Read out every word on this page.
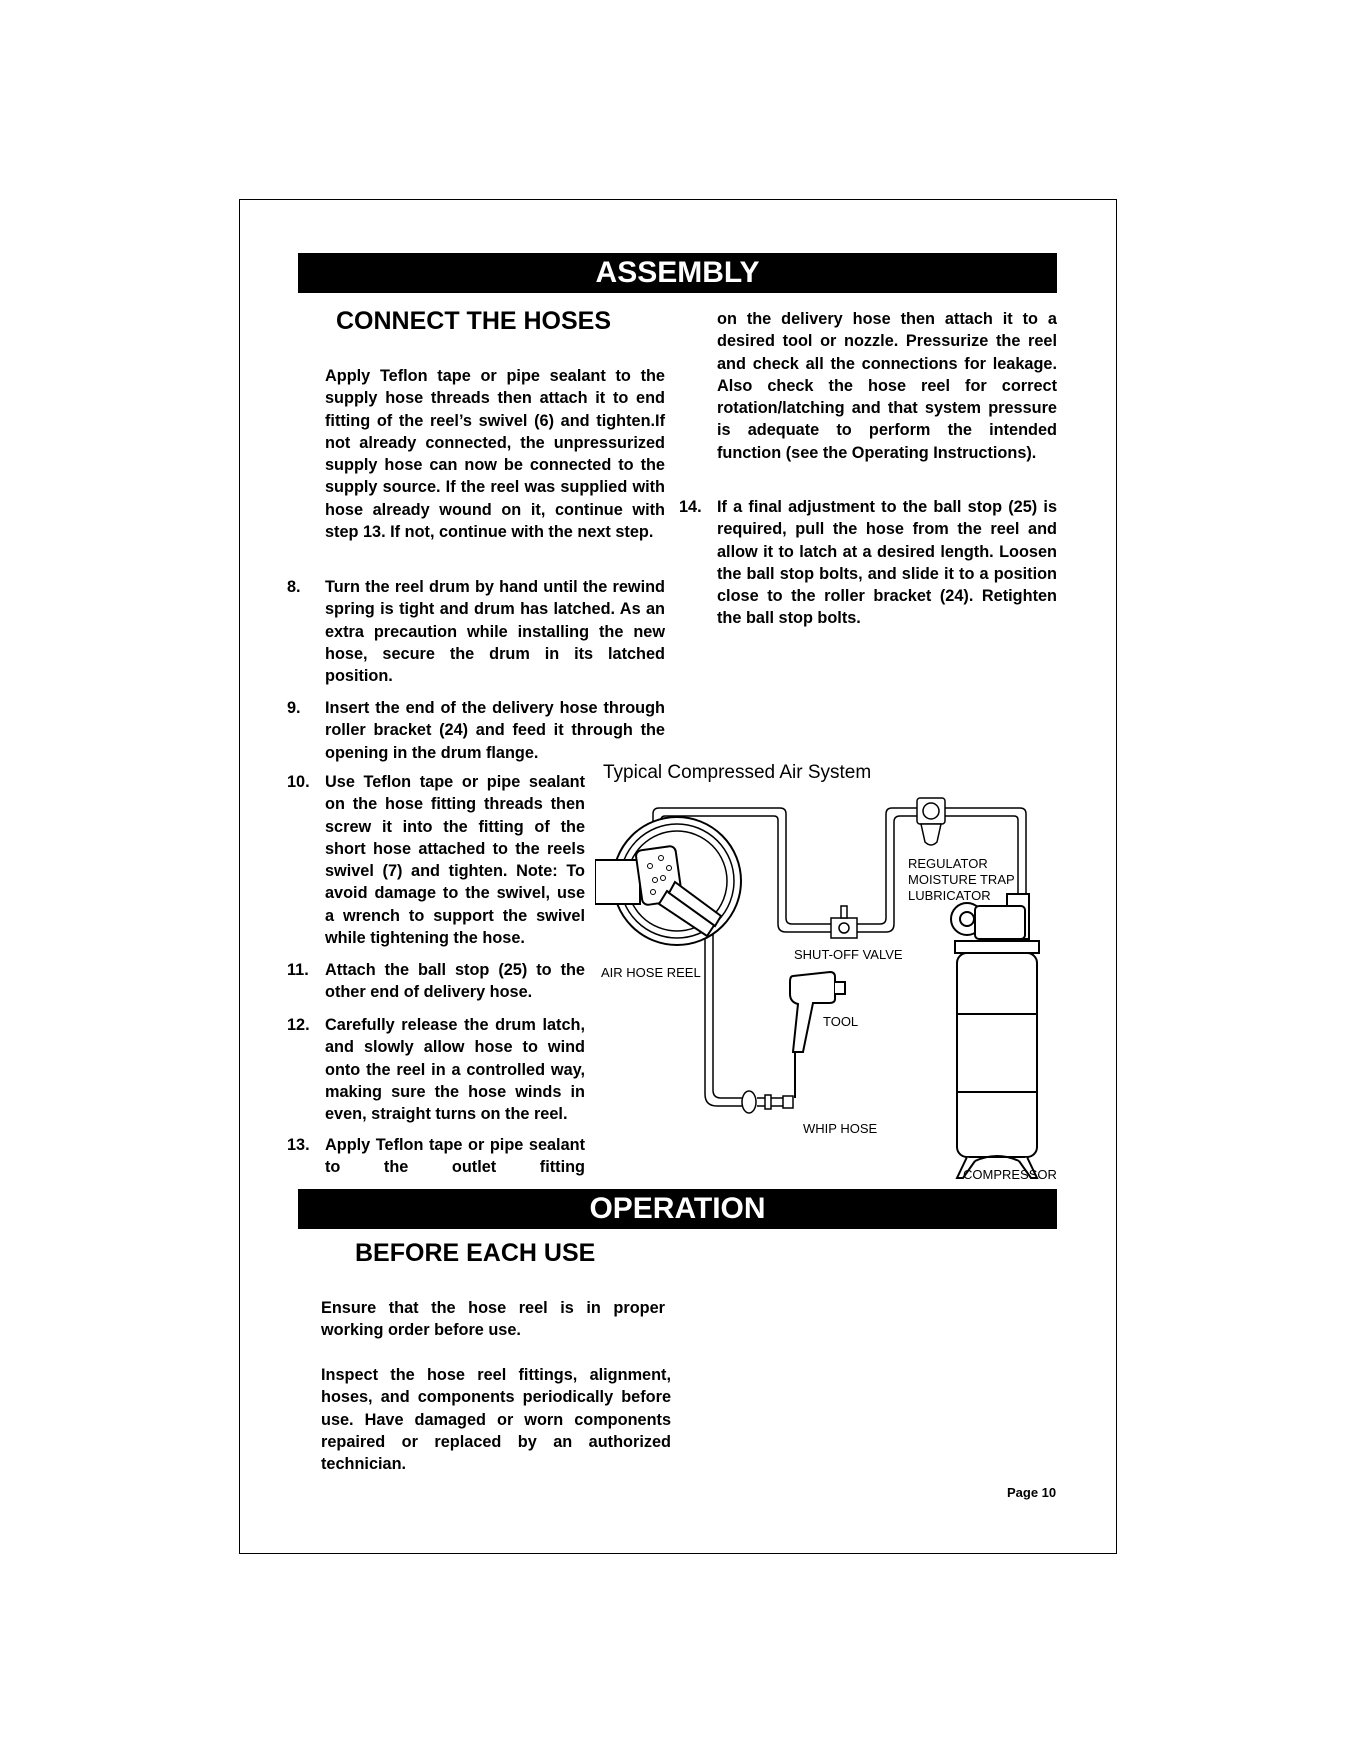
ASSEMBLY
CONNECT THE HOSES

Apply Teflon tape or pipe sealant to the supply hose threads then attach it to end fitting of the reel’s swivel (6) and tighten.If not already connected, the unpressurized supply hose can now be connected to the supply source. If the reel was supplied with hose already wound on it, continue with step 13. If not, continue with the next step.

8. Turn the reel drum by hand until the rewind spring is tight and drum has latched. As an extra precaution while installing the new hose, secure the drum in its latched position.
9. Insert the end of the delivery hose through roller bracket (24) and feed it through the opening in the drum flange.
10. Use Teflon tape or pipe sealant on the hose fitting threads then screw it into the fitting of the short hose attached to the reels swivel (7) and tighten. Note: To avoid damage to the swivel, use a wrench to support the swivel while tightening the hose.
11. Attach the ball stop (25) to the other end of delivery hose.
12. Carefully release the drum latch, and slowly allow hose to wind onto the reel in a controlled way, making sure the hose winds in even, straight turns on the reel.
13. Apply Teflon tape or pipe sealant to the outlet fitting

on the delivery hose then attach it to a desired tool or nozzle. Pressurize the reel and check all the connections for leakage. Also check the hose reel for correct rotation/latching and that system pressure is adequate to perform the intended function (see the Operating Instructions).

14. If a final adjustment to the ball stop (25) is required, pull the hose from the reel and allow it to latch at a desired length. Loosen the ball stop bolts, and slide it to a position close to the roller bracket (24). Retighten the ball stop bolts.
Typical Compressed Air System
REGULATOR
MOISTURE TRAP
LUBRICATOR
SHUT-OFF VALVE
AIR HOSE REEL
TOOL
WHIP HOSE
COMPRESSOR
OPERATION
BEFORE EACH USE

Ensure that the hose reel is in proper working order before use.

Inspect the hose reel fittings, alignment, hoses, and components periodically before use. Have damaged or worn components repaired or replaced by an authorized technician.

Page 10
